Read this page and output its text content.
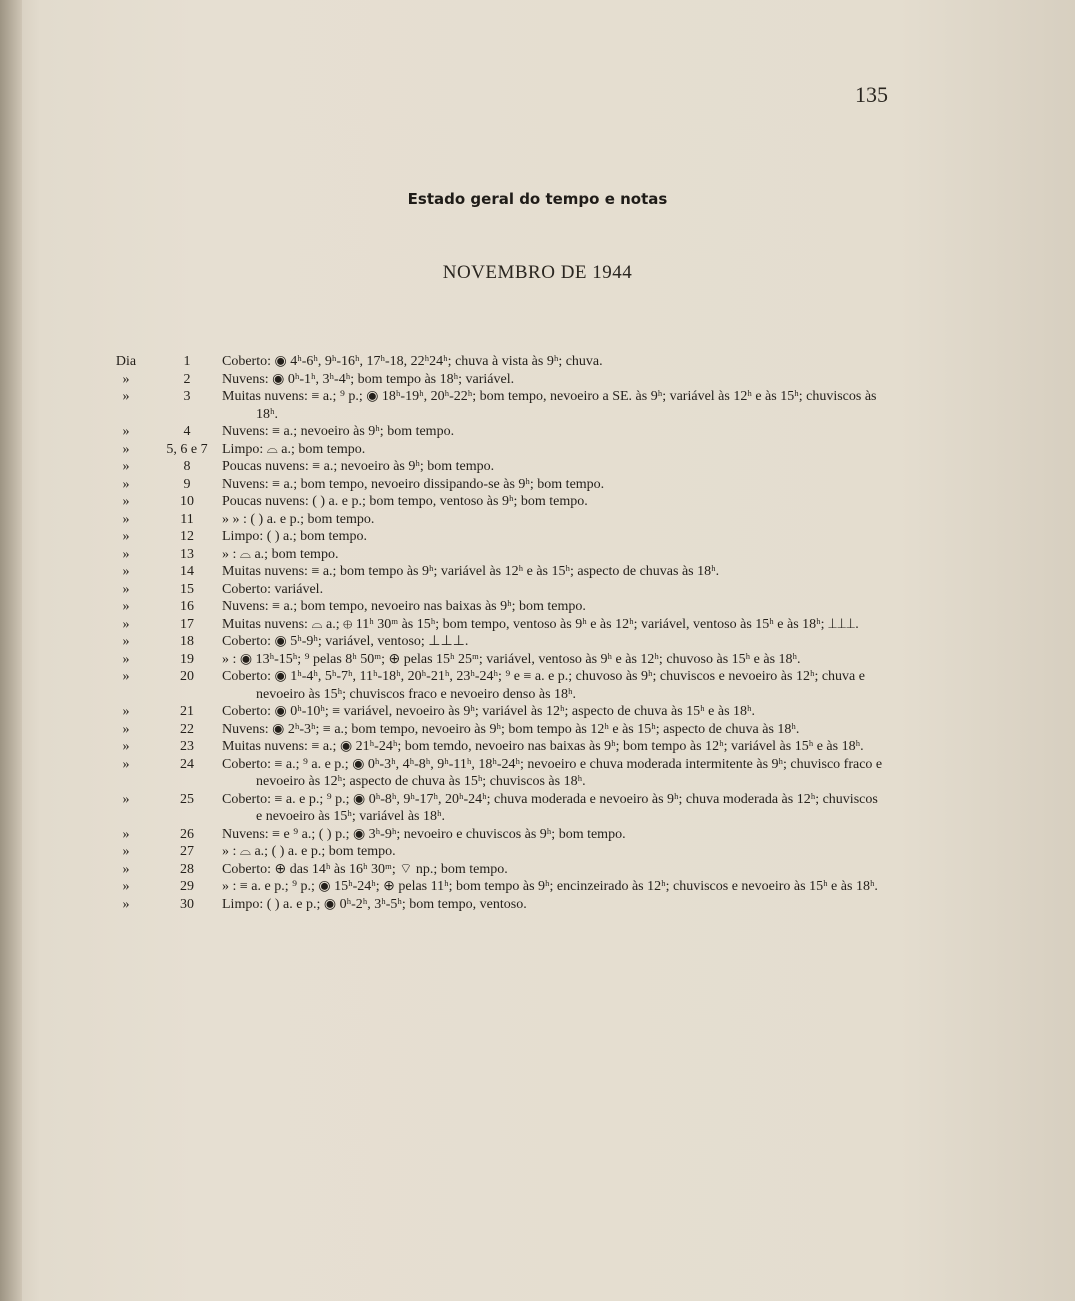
135
Estado geral do tempo e notas
NOVEMBRO DE 1944
Dia	1	Coberto: ◉ 4ʰ-6ʰ, 9ʰ-16ʰ, 17ʰ-18, 22ʰ24ʰ; chuva à vista às 9ʰ; chuva.
»	2	Nuvens: ◉ 0ʰ-1ʰ, 3ʰ-4ʰ; bom tempo às 18ʰ; variável.
»	3	Muitas nuvens: ≡ a.; ⁹ p.; ◉ 18ʰ-19ʰ, 20ʰ-22ʰ; bom tempo, nevoeiro a SE. às 9ʰ; variável às 12ʰ e às 15ʰ; chuviscos às 18ʰ.
»	4	Nuvens: ≡ a.; nevoeiro às 9ʰ; bom tempo.
»	5, 6 e 7	Limpo: ⌓ a.; bom tempo.
»	8	Poucas nuvens: ≡ a.; nevoeiro às 9ʰ; bom tempo.
»	9	Nuvens: ≡ a.; bom tempo, nevoeiro dissipando-se às 9ʰ; bom tempo.
»	10	Poucas nuvens: ( ) a. e p.; bom tempo, ventoso às 9ʰ; bom tempo.
»	11	» » : ( ) a. e p.; bom tempo.
»	12	Limpo: ( ) a.; bom tempo.
»	13	» : ⌓ a.; bom tempo.
»	14	Muitas nuvens: ≡ a.; bom tempo às 9ʰ; variável às 12ʰ e às 15ʰ; aspecto de chuvas às 18ʰ.
»	15	Coberto: variável.
»	16	Nuvens: ≡ a.; bom tempo, nevoeiro nas baixas às 9ʰ; bom tempo.
»	17	Muitas nuvens: ⌓ a.; ⊕ 11ʰ 30ᵐ às 15ʰ; bom tempo, ventoso às 9ʰ e às 12ʰ; variável, ventoso às 15ʰ e às 18ʰ; ⊥⊥⊥.
»	18	Coberto: ◉ 5ʰ-9ʰ; variável, ventoso; ⊥⊥⊥.
»	19	» : ◉ 13ʰ-15ʰ; ⁹ pelas 8ʰ 50ᵐ; ⊕ pelas 15ʰ 25ᵐ; variável, ventoso às 9ʰ e às 12ʰ; chuvoso às 15ʰ e às 18ʰ.
»	20	Coberto: ◉ 1ʰ-4ʰ, 5ʰ-7ʰ, 11ʰ-18ʰ, 20ʰ-21ʰ, 23ʰ-24ʰ; ⁹ e ≡ a. e p.; chuvoso às 9ʰ; chuviscos e nevoeiro às 12ʰ; chuva e nevoeiro às 15ʰ; chuviscos fraco e nevoeiro denso às 18ʰ.
»	21	Coberto: ◉ 0ʰ-10ʰ; ≡ variável, nevoeiro às 9ʰ; variável às 12ʰ; aspecto de chuva às 15ʰ e às 18ʰ.
»	22	Nuvens: ◉ 2ʰ-3ʰ; ≡ a.; bom tempo, nevoeiro às 9ʰ; bom tempo às 12ʰ e às 15ʰ; aspecto de chuva às 18ʰ.
»	23	Muitas nuvens: ≡ a.; ◉ 21ʰ-24ʰ; bom temdo, nevoeiro nas baixas às 9ʰ; bom tempo às 12ʰ; variável às 15ʰ e às 18ʰ.
»	24	Coberto: ≡ a.; ⁹ a. e p.; ◉ 0ʰ-3ʰ, 4ʰ-8ʰ, 9ʰ-11ʰ, 18ʰ-24ʰ; nevoeiro e chuva moderada intermitente às 9ʰ; chuvisco fraco e nevoeiro às 12ʰ; aspecto de chuva às 15ʰ; chuviscos às 18ʰ.
»	25	Coberto: ≡ a. e p.; ⁹ p.; ◉ 0ʰ-8ʰ, 9ʰ-17ʰ, 20ʰ-24ʰ; chuva moderada e nevoeiro às 9ʰ; chuva moderada às 12ʰ; chuviscos e nevoeiro às 15ʰ; variável às 18ʰ.
»	26	Nuvens: ≡ e ⁹ a.; ( ) p.; ◉ 3ʰ-9ʰ; nevoeiro e chuviscos às 9ʰ; bom tempo.
»	27	» : ⌓ a.; ( ) a. e p.; bom tempo.
»	28	Coberto: ⊕ das 14ʰ às 16ʰ 30ᵐ; ⌔ np.; bom tempo.
»	29	» : ≡ a. e p.; ⁹ p.; ◉ 15ʰ-24ʰ; ⊕ pelas 11ʰ; bom tempo às 9ʰ; encinzeirado às 12ʰ; chuviscos e nevoeiro às 15ʰ e às 18ʰ.
»	30	Limpo: ( ) a. e p.; ◉ 0ʰ-2ʰ, 3ʰ-5ʰ; bom tempo, ventoso.
